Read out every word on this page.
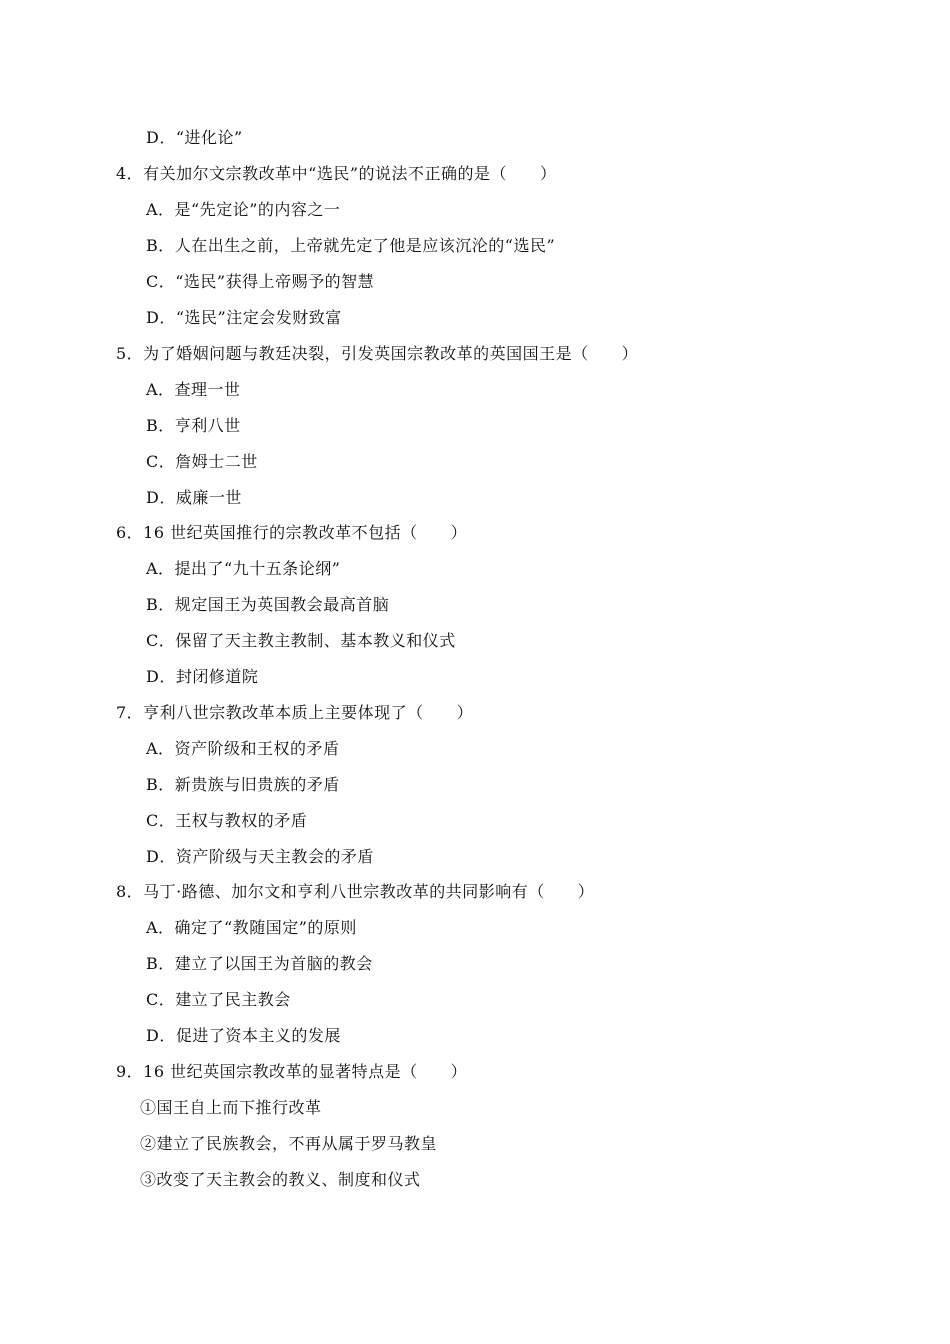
D．“进化论”
4．有关加尔文宗教改革中“选民”的说法不正确的是（　　）
A．是“先定论”的内容之一
B．人在出生之前，上帝就先定了他是应该沉沦的“选民”
C．“选民”获得上帝赐予的智慧
D．“选民”注定会发财致富
5．为了婚姻问题与教廷决裂，引发英国宗教改革的英国国王是（　　）
A．查理一世
B．亨利八世
C．詹姆士二世
D．威廉一世
6．16 世纪英国推行的宗教改革不包括（　　）
A．提出了“九十五条论纲”
B．规定国王为英国教会最高首脑
C．保留了天主教主教制、基本教义和仪式
D．封闭修道院
7．亨利八世宗教改革本质上主要体现了（　　）
A．资产阶级和王权的矛盾
B．新贵族与旧贵族的矛盾
C．王权与教权的矛盾
D．资产阶级与天主教会的矛盾
8．马丁·路德、加尔文和亨利八世宗教改革的共同影响有（　　）
A．确定了“教随国定”的原则
B．建立了以国王为首脑的教会
C．建立了民主教会
D．促进了资本主义的发展
9．16 世纪英国宗教改革的显著特点是（　　）
①国王自上而下推行改革
②建立了民族教会，不再从属于罗马教皇
③改变了天主教会的教义、制度和仪式
